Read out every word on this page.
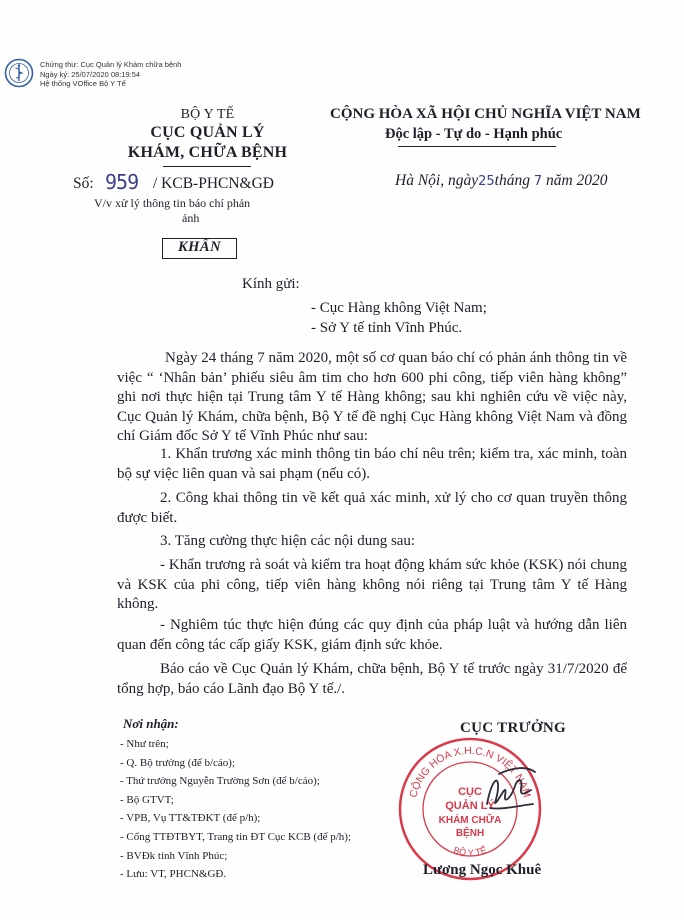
Chứng thư: Cục Quản lý Khám chữa bệnh
Ngày ký: 25/07/2020 08:19:54
Hệ thống VOffice Bộ Y Tế
BỘ Y TẾ
CỤC QUẢN LÝ
KHÁM, CHỮA BỆNH
CỘNG HÒA XÃ HỘI CHỦ NGHĨA VIỆT NAM
Độc lập - Tự do - Hạnh phúc
Số: 959 / KCB-PHCN&GĐ	Hà Nội, ngày25tháng 7 năm 2020
V/v xử lý thông tin báo chí phản
ánh
KHẨN
Kính gửi:
- Cục Hàng không Việt Nam;
- Sở Y tế tỉnh Vĩnh Phúc.
Ngày 24 tháng 7 năm 2020, một số cơ quan báo chí có phản ánh thông tin về việc “ ‘Nhân bản’ phiếu siêu âm tim cho hơn 600 phi công, tiếp viên hàng không” ghi nơi thực hiện tại Trung tâm Y tế Hàng không; sau khi nghiên cứu về việc này, Cục Quản lý Khám, chữa bệnh, Bộ Y tế đề nghị Cục Hàng không Việt Nam và đồng chí Giám đốc Sở Y tế Vĩnh Phúc như sau:
1. Khẩn trương xác minh thông tin báo chí nêu trên; kiểm tra, xác minh, toàn bộ sự việc liên quan và sai phạm (nếu có).
2. Công khai thông tin về kết quả xác minh, xử lý cho cơ quan truyền thông được biết.
3. Tăng cường thực hiện các nội dung sau:
- Khẩn trương rà soát và kiểm tra hoạt động khám sức khỏe (KSK) nói chung và KSK của phi công, tiếp viên hàng không nói riêng tại Trung tâm Y tế Hàng không.
- Nghiêm túc thực hiện đúng các quy định của pháp luật và hướng dẫn liên quan đến công tác cấp giấy KSK, giám định sức khỏe.
Báo cáo về Cục Quản lý Khám, chữa bệnh, Bộ Y tế trước ngày 31/7/2020 để tổng hợp, báo cáo Lãnh đạo Bộ Y tế./.
Nơi nhận:
- Như trên;
- Q. Bộ trưởng (để b/cáo);
- Thứ trưởng Nguyễn Trường Sơn (để b/cáo);
- Bộ GTVT;
- VPB, Vụ TT&TĐKT (để p/h);
- Cổng TTĐTBYT, Trang tin ĐT Cục KCB (để p/h);
- BVĐk tỉnh Vĩnh Phúc;
- Lưu: VT, PHCN&GĐ.
CỤC TRƯỞNG
CỘNG HÒA X.H.C.N VIỆT NAM
BỘ Y TẾ
CỤC
QUẢN LÝ
KHÁM CHỮA
BỆNH
Lương Ngọc Khuê
